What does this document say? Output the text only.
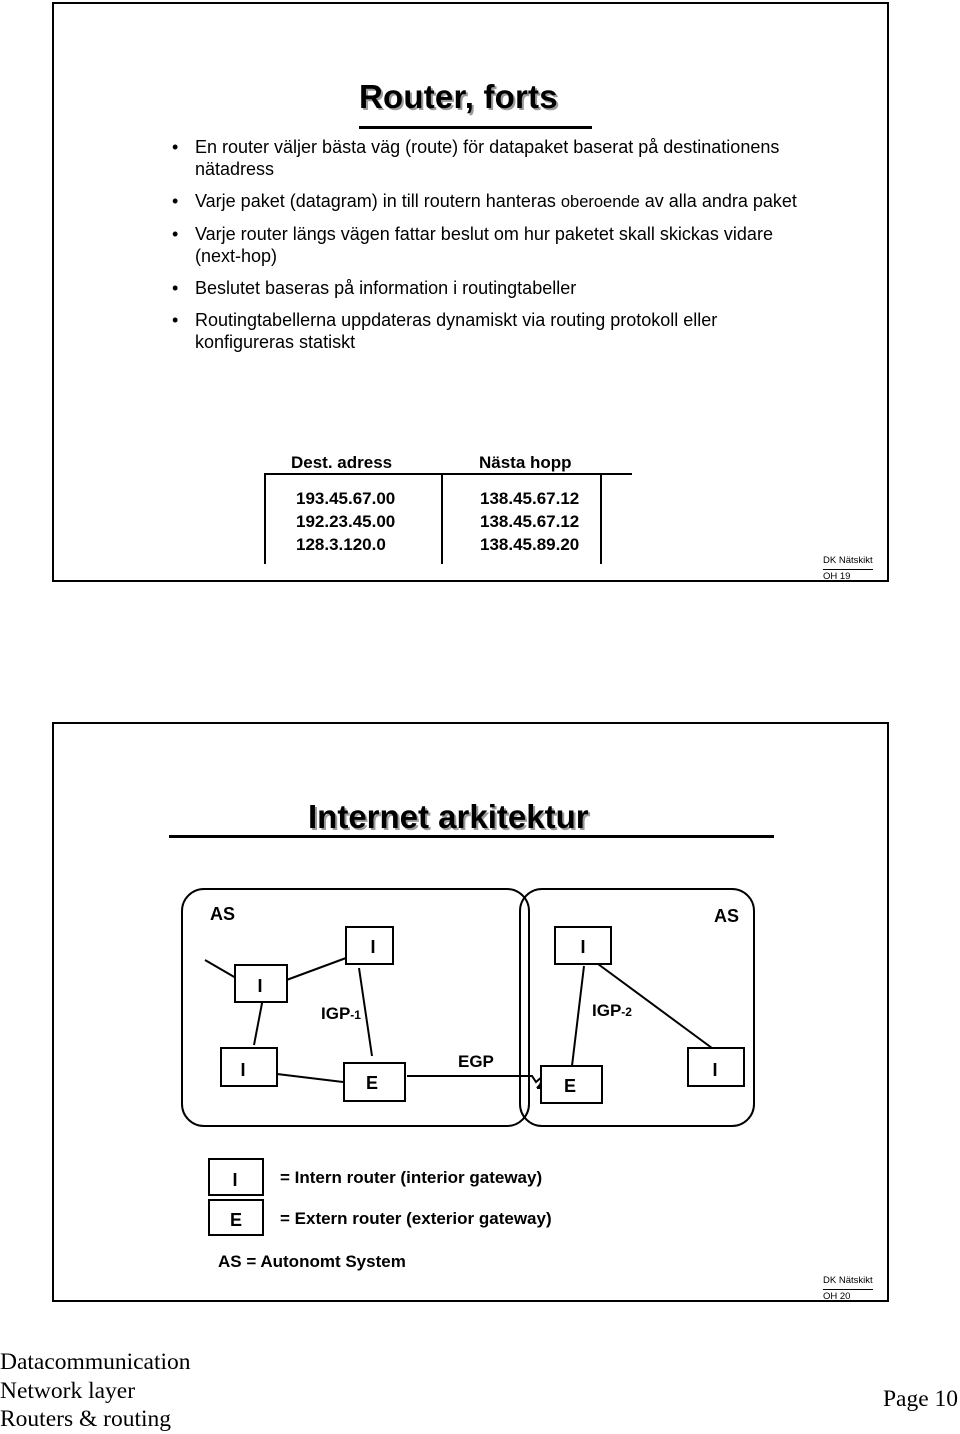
Router, forts
• En router väljer bästa väg (route) för datapaket baserat på destinationens nätadress
• Varje paket (datagram) in till routern hanteras oberoende av alla andra paket
• Varje router längs vägen fattar beslut om hur paketet skall skickas vidare (next-hop)
• Beslutet baseras på information i routingtabeller
• Routingtabellerna uppdateras dynamiskt via routing protokoll eller konfigureras statiskt
Dest. adress	Nästa hopp
193.45.67.00	138.45.67.12
192.23.45.00	138.45.67.12
128.3.120.0	138.45.89.20
DK Nätskikt
OH 19
Internet arkitektur
AS	AS
I	I
I
I	I
E	E
IGP-1	IGP-2
EGP
I = Intern router (interior gateway)
E = Extern router (exterior gateway)
AS = Autonomt System
DK Nätskikt
OH 20
Datacommunication
Network layer
Routers & routing
Page 10
